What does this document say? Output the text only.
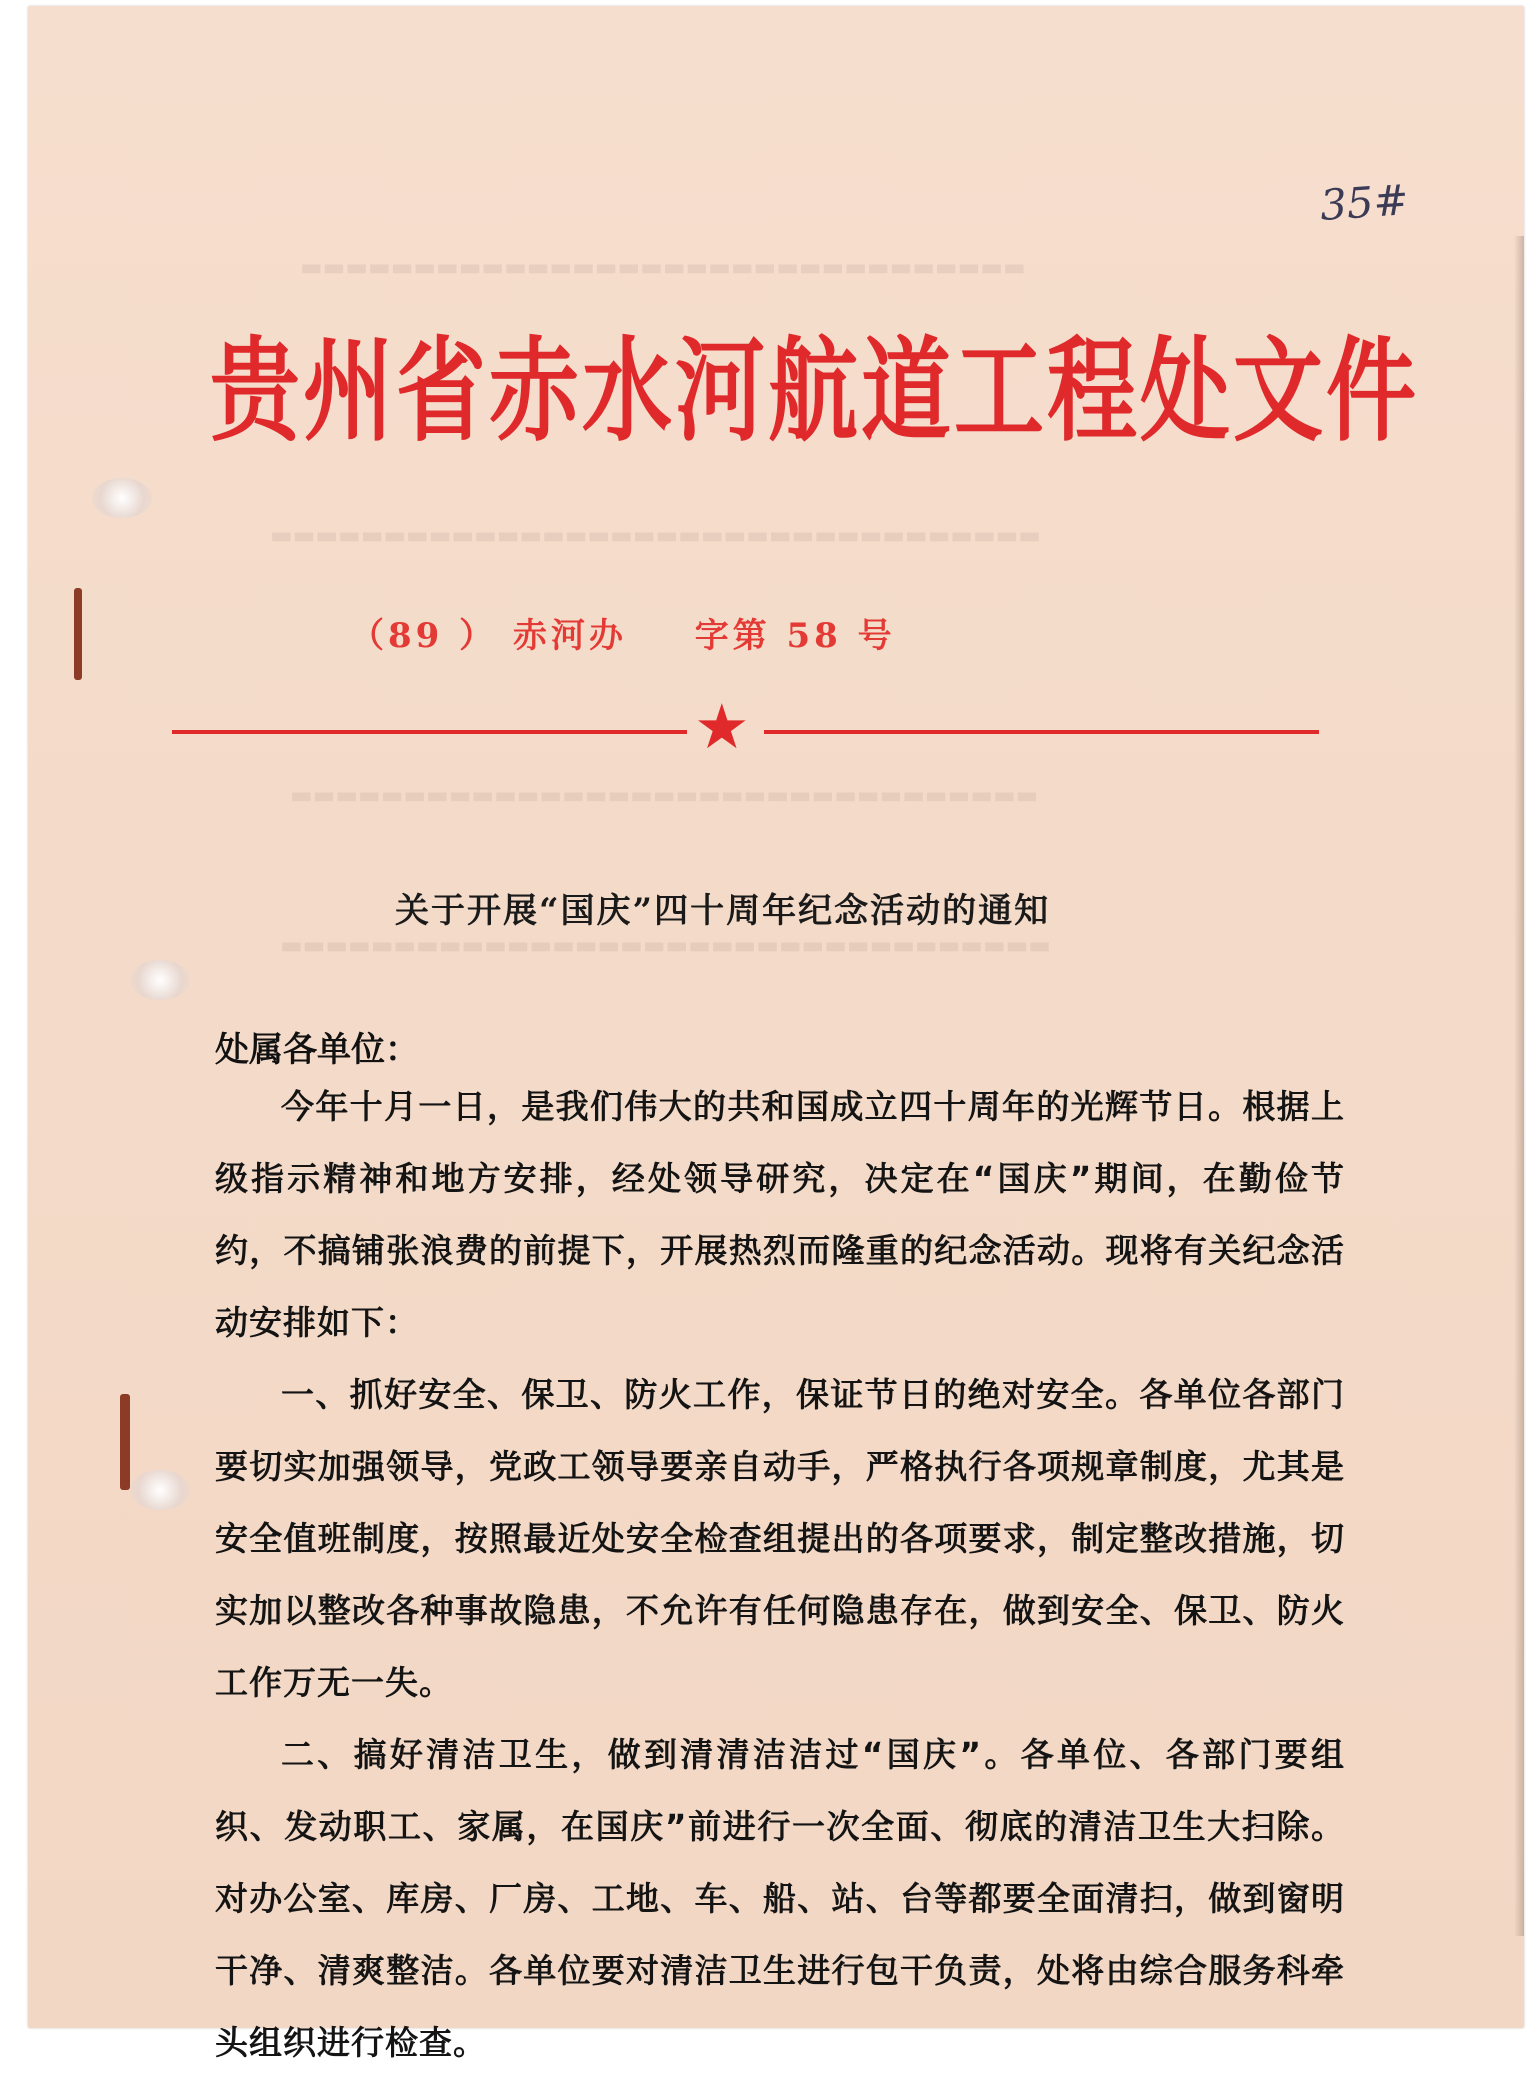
▬▬▬▬▬▬▬▬▬▬▬▬▬▬▬▬▬▬▬▬▬▬▬▬▬▬▬▬▬▬▬▬
▬▬▬▬▬▬▬▬▬▬▬▬▬▬▬▬▬▬▬▬▬▬▬▬▬▬▬▬▬▬▬▬▬▬
▬▬▬▬▬▬▬▬▬▬▬▬▬▬▬▬▬▬▬▬▬▬▬▬▬▬▬▬▬▬▬▬▬
▬▬▬▬▬▬▬▬▬▬▬▬▬▬▬▬▬▬▬▬▬▬▬▬▬▬▬▬▬▬▬▬▬▬
35#
贵州省赤水河航道工程处文件
（89 ） 赤河办 字第 58 号
★
关于开展“国庆”四十周年纪念活动的通知
处属各单位：

今年十月一日，是我们伟大的共和国成立四十周年的光辉节日。根据上级指示精神和地方安排，经处领导研究，决定在“国庆”期间，在勤俭节约，不搞铺张浪费的前提下，开展热烈而隆重的纪念活动。现将有关纪念活动安排如下：

一、抓好安全、保卫、防火工作，保证节日的绝对安全。各单位各部门要切实加强领导，党政工领导要亲自动手，严格执行各项规章制度，尤其是安全值班制度，按照最近处安全检查组提出的各项要求，制定整改措施，切实加以整改各种事故隐患，不允许有任何隐患存在，做到安全、保卫、防火工作万无一失。

二、搞好清洁卫生，做到清清洁洁过“国庆”。各单位、各部门要组织、发动职工、家属，在国庆”前进行一次全面、彻底的清洁卫生大扫除。对办公室、库房、厂房、工地、车、船、站、台等都要全面清扫，做到窗明干净、清爽整洁。各单位要对清洁卫生进行包干负责，处将由综合服务科牵头组织进行检查。
